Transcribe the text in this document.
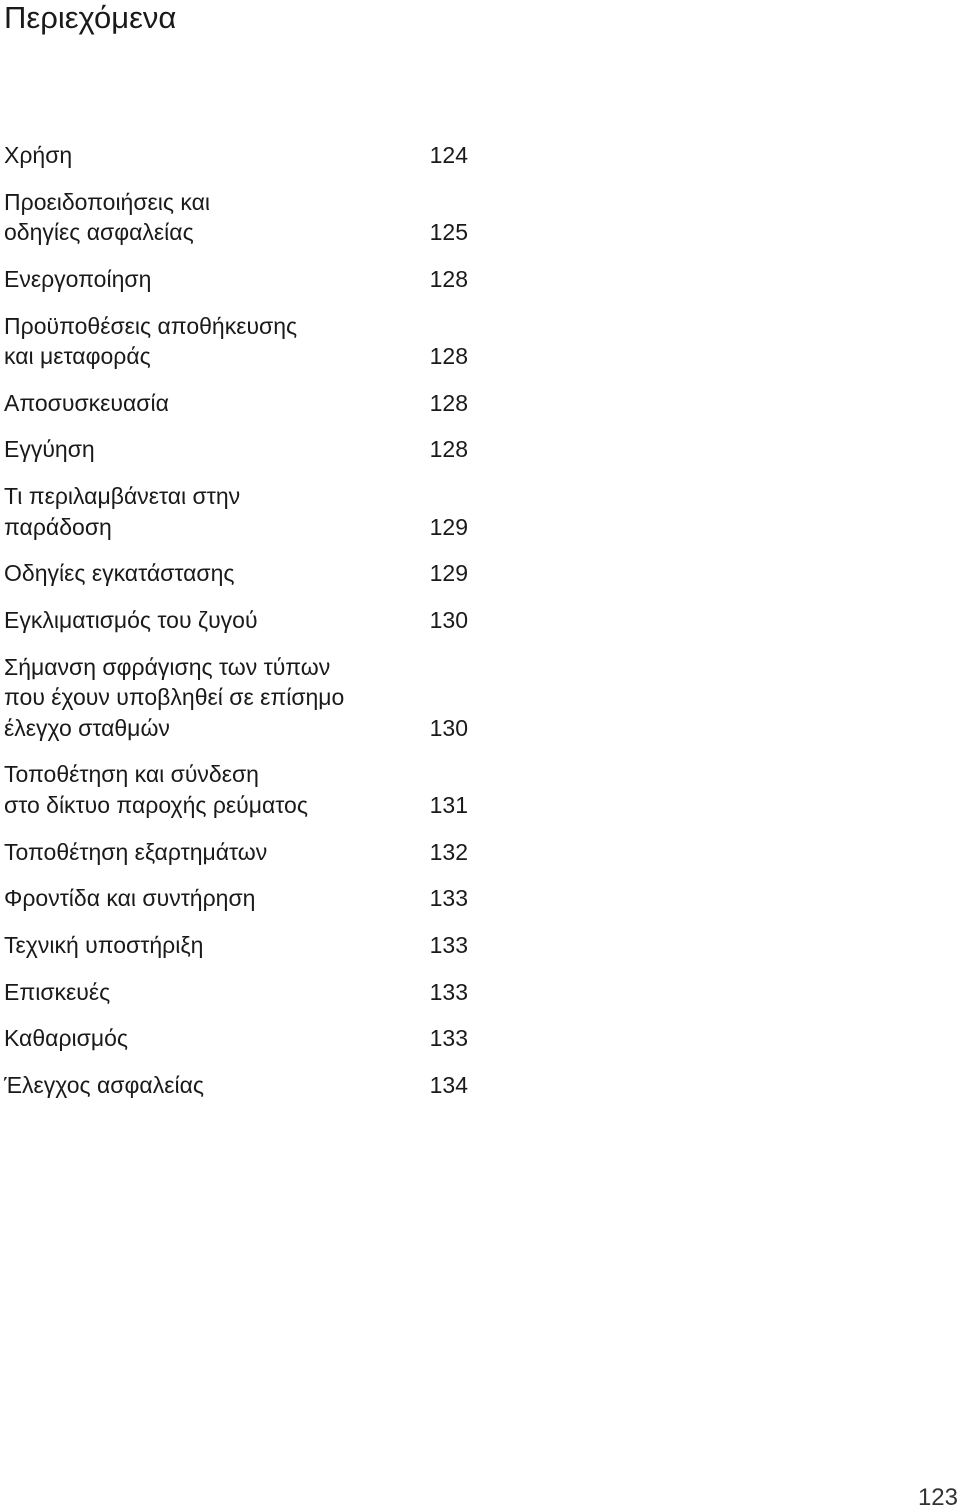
Περιεχόμενα
Χρήση	124
Προειδοποιήσεις και
οδηγίες ασφαλείας	125
Ενεργοποίηση	128
Προϋποθέσεις αποθήκευσης
και μεταφοράς	128
Αποσυσκευασία	128
Εγγύηση	128
Τι περιλαμβάνεται στην
παράδοση	129
Οδηγίες εγκατάστασης	129
Εγκλιματισμός του ζυγού	130
Σήμανση σφράγισης των τύπων
που έχουν υποβληθεί σε επίσημο
έλεγχο σταθμών	130
Τοποθέτηση και σύνδεση
στο δίκτυο παροχής ρεύματος	131
Τοποθέτηση εξαρτημάτων	132
Φροντίδα και συντήρηση	133
Τεχνική υποστήριξη	133
Επισκευές	133
Καθαρισμός	133
Έλεγχος ασφαλείας	134
123
